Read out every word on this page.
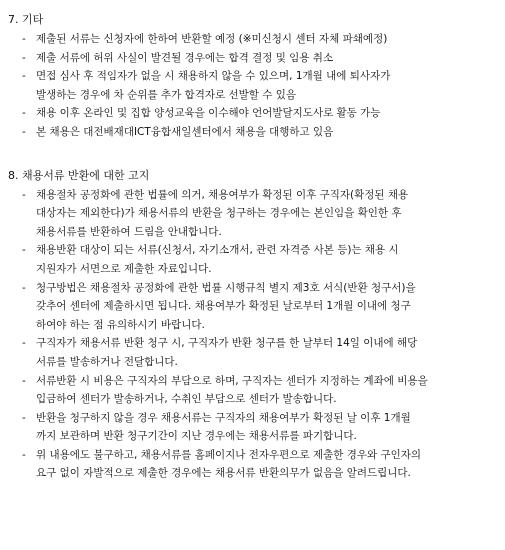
7. 기타
- 제출된 서류는 신청자에 한하여 반환할 예정 (※미신청시 센터 자체 파쇄예정)
- 제출 서류에 허위 사실이 발견될 경우에는 합격 결정 및 임용 취소
- 면접 심사 후 적임자가 없을 시 채용하지 않을 수 있으며, 1개월 내에 퇴사자가
발생하는 경우에 차 순위를 추가 합격자로 선발할 수 있음
- 채용 이후 온라인 및 집합 양성교육을 이수해야 언어발달지도사로 활동 가능
- 본 채용은 대전배재대ICT융합새일센터에서 채용을 대행하고 있음
8. 채용서류 반환에 대한 고지
- 채용절차 공정화에 관한 법률에 의거, 채용여부가 확정된 이후 구직자(확정된 채용
대상자는 제외한다)가 채용서류의 반환을 청구하는 경우에는 본인임을 확인한 후
채용서류를 반환하여 드림을 안내합니다.
- 채용반환 대상이 되는 서류(신청서, 자기소개서, 관련 자격증 사본 등)는 채용 시
지원자가 서면으로 제출한 자료입니다.
- 청구방법은 채용절차 공정화에 관한 법률 시행규칙 별지 제3호 서식(반환 청구서)을
갖추어 센터에 제출하시면 됩니다. 채용여부가 확정된 날로부터 1개월 이내에 청구
하여야 하는 점 유의하시기 바랍니다.
- 구직자가 채용서류 반환 청구 시, 구직자가 반환 청구를 한 날부터 14일 이내에 해당
서류를 발송하거나 전달합니다.
- 서류반환 시 비용은 구직자의 부담으로 하며, 구직자는 센터가 지정하는 계좌에 비용을
입금하여 센터가 발송하거나, 수취인 부담으로 센터가 발송합니다.
- 반환을 청구하지 않을 경우 채용서류는 구직자의 채용여부가 확정된 날 이후 1개월
까지 보관하며 반환 청구기간이 지난 경우에는 채용서류를 파기합니다.
- 위 내용에도 불구하고, 채용서류를 홈페이지나 전자우편으로 제출한 경우와 구인자의
요구 없이 자발적으로 제출한 경우에는 채용서류 반환의무가 없음을 알려드립니다.
